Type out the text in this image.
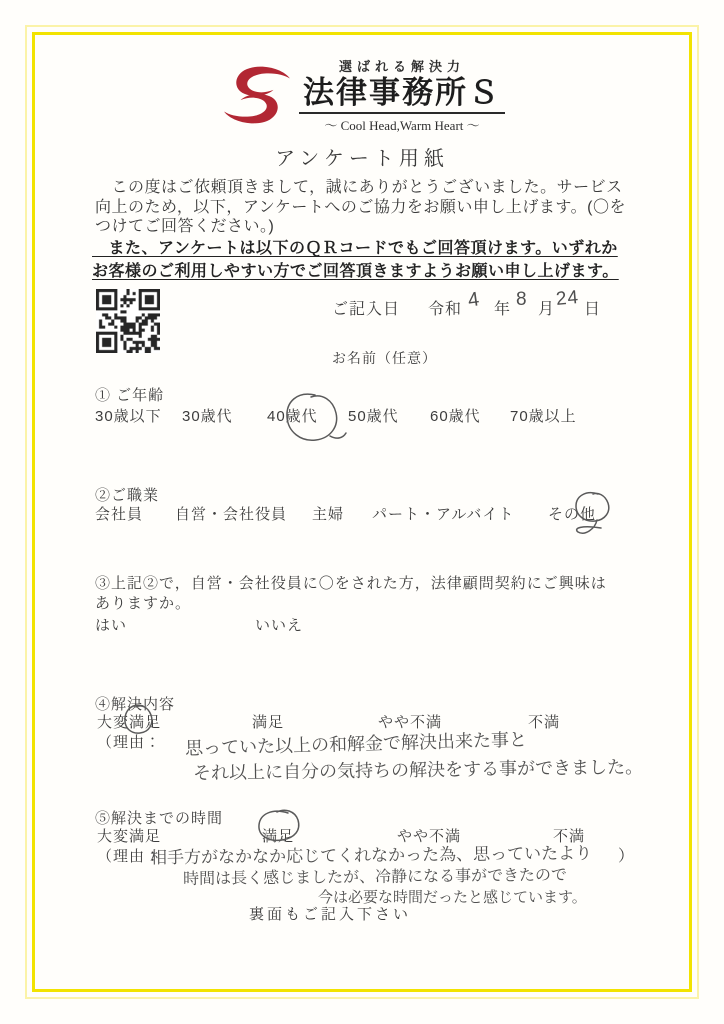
選ばれる解決力
法律事務所Ｓ
～ Cool Head,Warm Heart ～
アンケート用紙
　この度はご依頼頂きまして，誠にありがとうございました。サービス
向上のため，以下，アンケートへのご協力をお願い申し上げます。(〇を
つけてご回答ください。)
　また、アンケートは以下のＱＲコードでもご回答頂けます。いずれか
お客様のご利用しやすい方でご回答頂きますようお願い申し上げます。
ご記入日 令和 4 年 8 月 24 日
お名前（任意）
① ご年齢
30歳以下 30歳代 40歳代 50歳代 60歳代 70歳以上
②ご職業
会社員 自営・会社役員 主婦 パート・アルバイト その他
③上記②で，自営・会社役員に〇をされた方，法律顧問契約にご興味は
ありますか。
はい	いいえ
④解決内容
大変満足	満足	やや不満	不満
（理由： 思っていた以上の和解金で解決出来た事と
それ以上に自分の気持ちの解決をする事ができました。
⑤解決までの時間
大変満足	満足	やや不満	不満
（理由：
相手方がなかなか応じてくれなかった為、思っていたより ）
時間は長く感じましたが、冷静になる事ができたので
今は必要な時間だったと感じています。
裏面もご記入下さい
